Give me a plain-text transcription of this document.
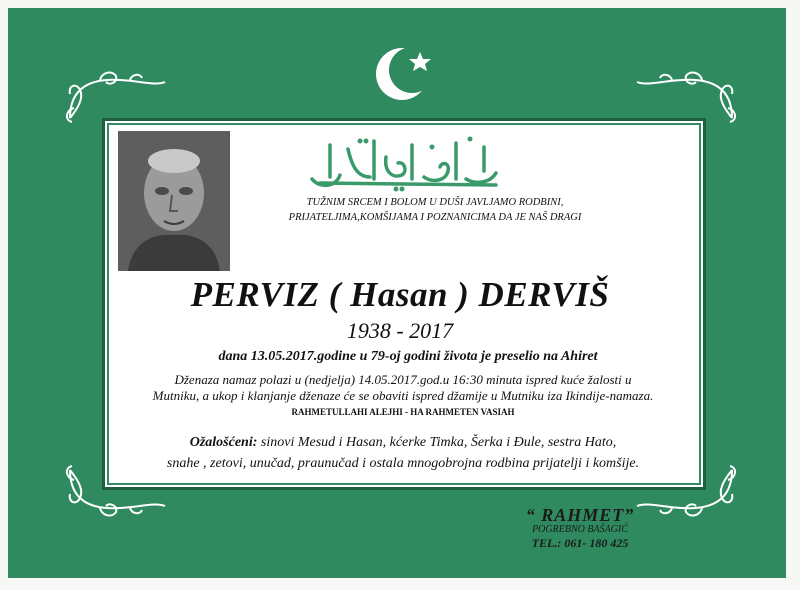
TUŽNIM SRCEM I BOLOM U DUŠI JAVLJAMO RODBINI,
PRIJATELJIMA,KOMŠIJAMA I POZNANICIMA DA JE NAŠ DRAGI
PERVIZ ( Hasan ) DERVIŠ
1938 - 2017
dana 13.05.2017.godine u 79-oj godini života je preselio na Ahiret
Dženaza namaz polazi u (nedjelja) 14.05.2017.god.u 16:30 minuta ispred kuće žalosti u
Mutniku, a ukop i klanjanje dženaze će se obaviti ispred džamije u Mutniku iza Ikindije-namaza.
RAHMETULLAHI ALEJHI - HA RAHMETEN VASIAH
Ožalošćeni: sinovi Mesud i Hasan, kćerke Timka, Šerka i Đule, sestra Hato,
snahe , zetovi, unučad, praunučad i ostala mnogobrojna rodbina prijatelji i komšije.
“ RAHMET”
POGREBNO BAŠAGIĆ
TEL.: 061- 180 425
